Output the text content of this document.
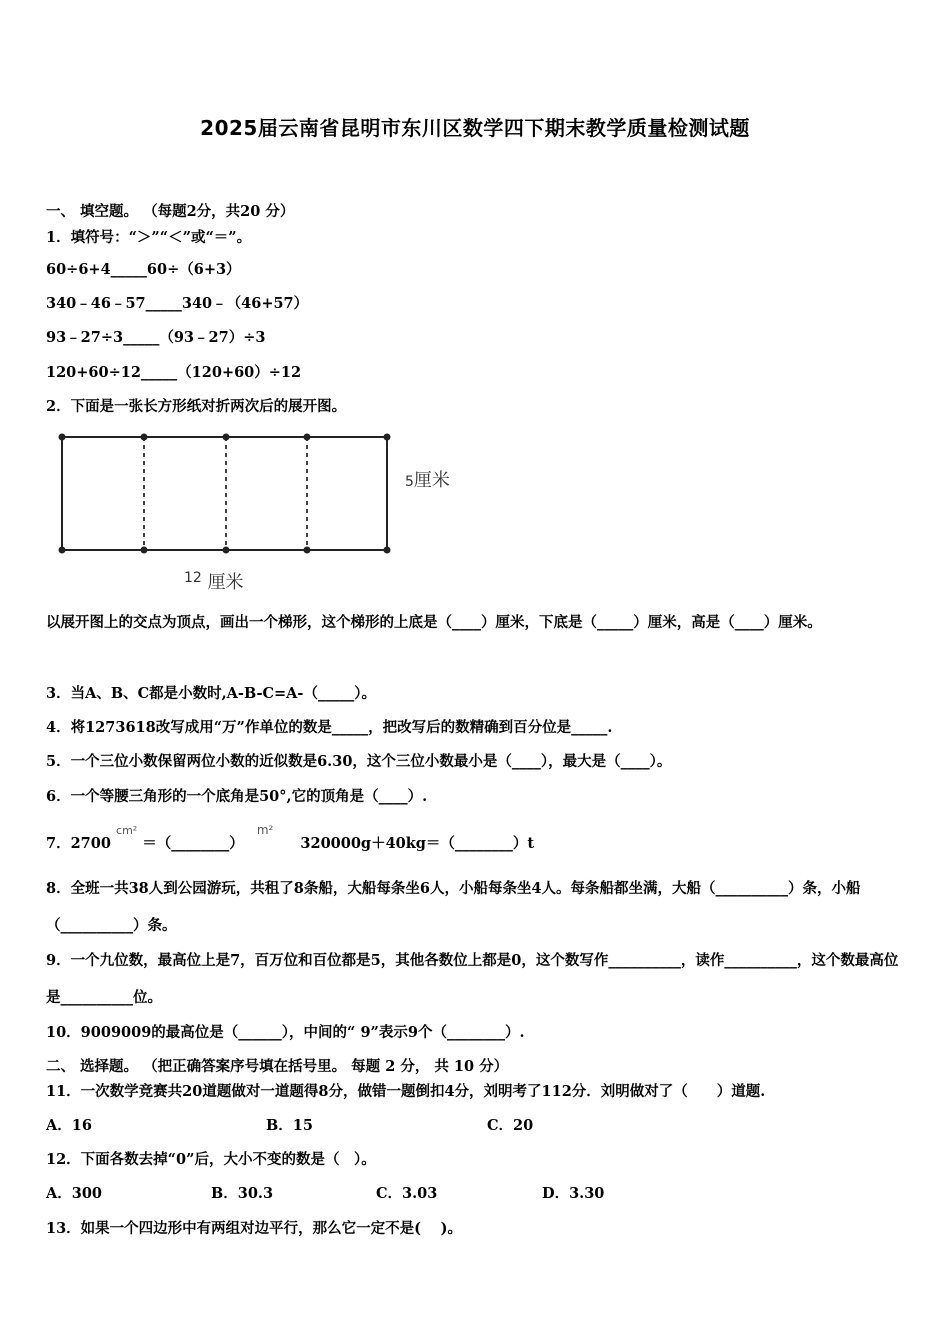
2025届云南省昆明市东川区数学四下期末教学质量检测试题
一、 填空题。 （每题2分，共20 分）
1．填符号：“＞”“＜”或“＝”。
60÷6+4_____60÷（6+3）
340﹣46﹣57_____340﹣（46+57）
93﹣27÷3_____（93﹣27）÷3
120+60÷12_____（120+60）÷12
2．下面是一张长方形纸对折两次后的展开图。
5厘米
$^{12}$ 厘米
以展开图上的交点为顶点，画出一个梯形，这个梯形的上底是（____）厘米，下底是（_____）厘米，高是（____）厘米。
3．当A、B、C都是小数时,A-B-C=A-（_____）。
4．将1273618改写成用“万”作单位的数是_____，把改写后的数精确到百分位是_____.
5．一个三位小数保留两位小数的近似数是6.30，这个三位小数最小是（____），最大是（____）。
6．一个等腰三角形的一个底角是50°,它的顶角是（____）.
7．2700 $^{cm^2}$ ＝（________） $^{m^2}$ 320000g＋40kg＝（________）t
8．全班一共38人到公园游玩，共租了8条船，大船每条坐6人，小船每条坐4人。每条船都坐满，大船（__________）条，小船（__________）条。
9．一个九位数，最高位上是7，百万位和百位都是5，其他各数位上都是0，这个数写作__________，读作__________，这个数最高位是__________位。
10．9009009的最高位是（______），中间的“ 9”表示9个（________）.
二、 选择题。 （把正确答案序号填在括号里。 每题 2 分， 共 10 分）
11．一次数学竞赛共20道题做对一道题得8分，做错一题倒扣4分，刘明考了112分．刘明做对了（　　）道题.
A．16	B．15	C．20
12．下面各数去掉“0”后，大小不变的数是（　）。
A．300	B．30.3	C．3.03	D．3.30
13．如果一个四边形中有两组对边平行，那么它一定不是(　 )。
